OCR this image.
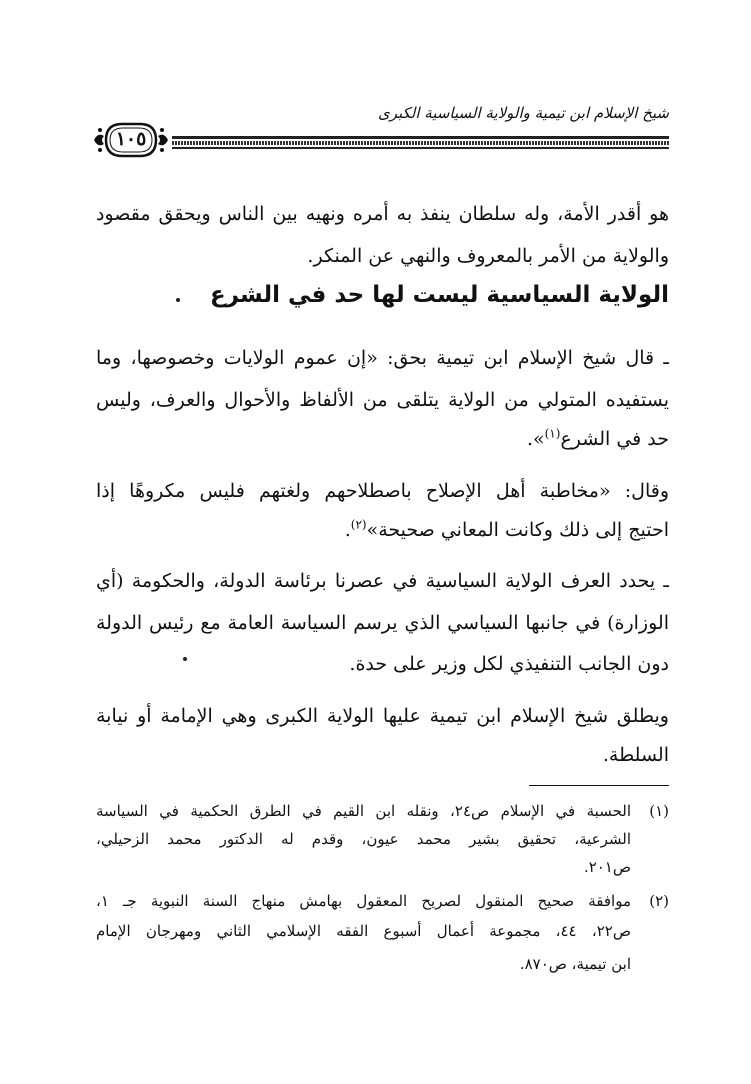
شيخ الإسلام ابن تيمية والولاية السياسية الكبرى
١٠٥
هو أقدر الأمة، وله سلطان ينفذ به أمره ونهيه بين الناس ويحقق مقصود
والولاية من الأمر بالمعروف والنهي عن المنكر.
الولاية السياسية ليست لها حد في الشرع
ـ قال شيخ الإسلام ابن تيمية بحق: «إن عموم الولايات وخصوصها، وما
يستفيده المتولي من الولاية يتلقى من الألفاظ والأحوال والعرف، وليس
حد في الشرع$^{(١)}$».
وقال: «مخاطبة أهل الإصلاح باصطلاحهم ولغتهم فليس مكروهًا إذا
احتيج إلى ذلك وكانت المعاني صحيحة»$^{(٢)}$.
ـ يحدد العرف الولاية السياسية في عصرنا برئاسة الدولة، والحكومة (أي
الوزارة) في جانبها السياسي الذي يرسم السياسة العامة مع رئيس الدولة
دون الجانب التنفيذي لكل وزير على حدة.
ويطلق شيخ الإسلام ابن تيمية عليها الولاية الكبرى وهي الإمامة أو نيابة
السلطة.
(١)
الحسبة في الإسلام ص٢٤، ونقله ابن القيم في الطرق الحكمية في السياسة
الشرعية، تحقيق بشير محمد عيون، وقدم له الدكتور محمد الزحيلي،
ص٢٠١.
(٢)
موافقة صحيح المنقول لصريح المعقول بهامش منهاج السنة النبوية جـ ١،
ص٢٢، ٤٤، مجموعة أعمال أسبوع الفقه الإسلامي الثاني ومهرجان الإمام
ابن تيمية، ص٨٧٠.
